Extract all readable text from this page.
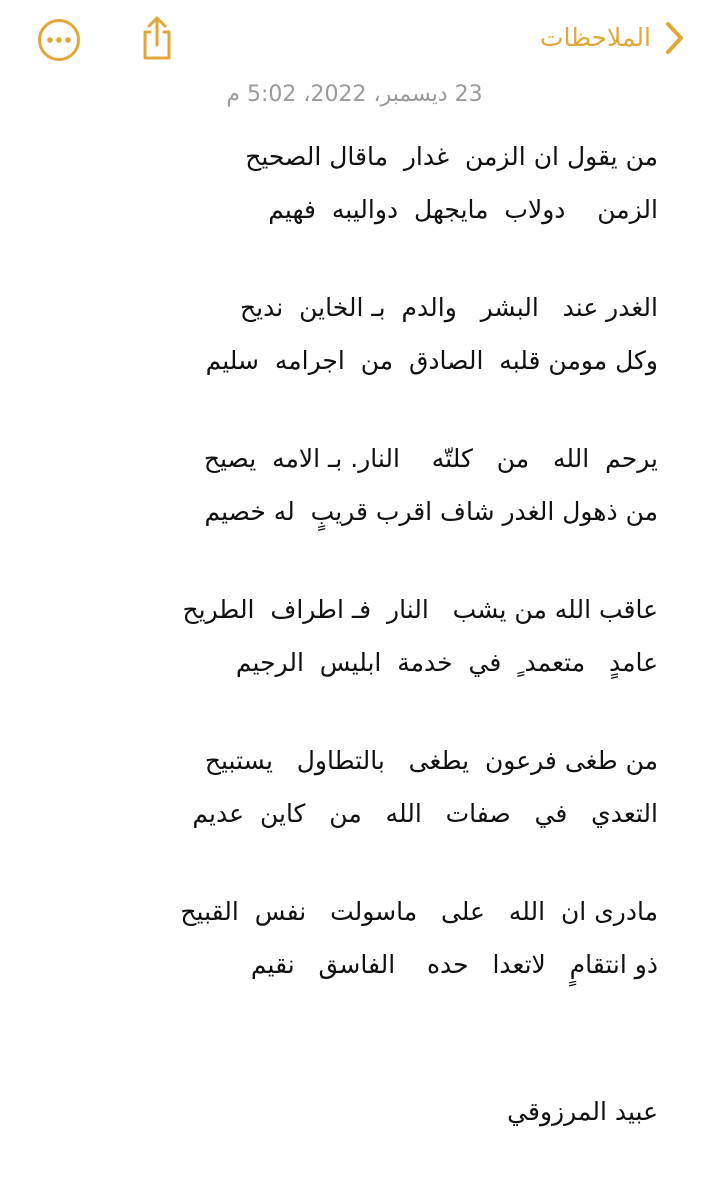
الملاحظات
23 ديسمبر، 2022، 5:02 م
من يقول ان الزمن  غدار  ماقال الصحيح
الزمن    دولاب  مايجهل  دواليبه  فهيم
الغدر عند   البشر   والدم  بـ الخاين  نديح
وكل مومن قلبه  الصادق  من  اجرامه  سليم
يرحم  الله   من   كلتّه    النار. بـ الامه  يصيح
من ذهول الغدر شاف اقرب قريبٍ  له خصيم
عاقب الله من يشب   النار  فـ اطراف  الطريح
عامدٍ   متعمد ٍ  في  خدمة  ابليس  الرجيم
من طغى فرعون  يطغى   بالتطاول   يستبيح
التعدي   في   صفات   الله   من   كاين  عديم
مادرى ان  الله   على   ماسولت   نفس  القبيح
ذو انتقامٍ   لاتعدا   حده    الفاسق   نقيم
عبيد المرزوقي
